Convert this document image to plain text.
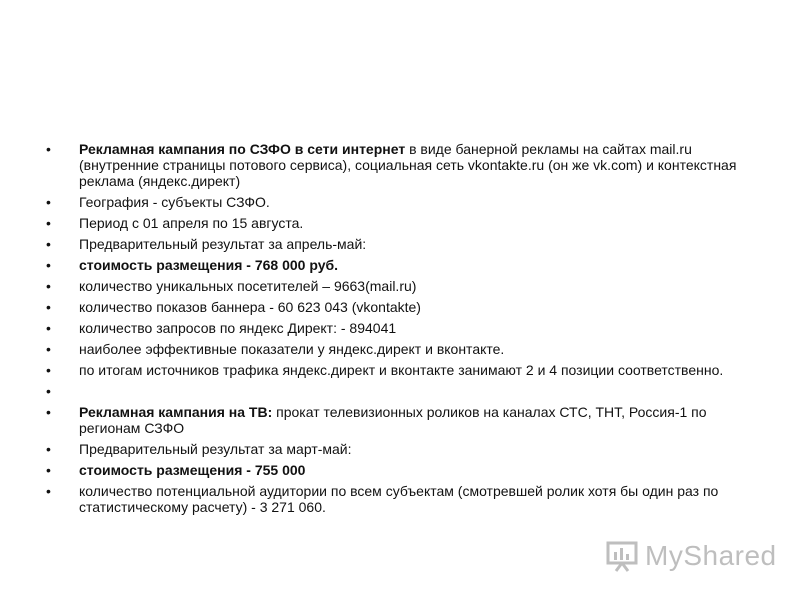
• Рекламная кампания по СЗФО в сети интернет в виде банерной рекламы на сайтах mail.ru (внутренние страницы потового сервиса), социальная сеть vkontakte.ru (он же vk.com) и контекстная реклама (яндекс.директ)
• География - субъекты СЗФО.
• Период с 01 апреля по 15 августа.
• Предварительный результат за апрель-май:
• стоимость размещения - 768 000 руб.
• количество уникальных посетителей – 9663(mail.ru)
• количество показов баннера - 60 623 043 (vkontakte)
• количество запросов по яндекс Директ: - 894041
• наиболее эффективные показатели у яндекс.директ и вконтакте.
• по итогам источников трафика яндекс.директ и вконтакте занимают 2 и 4 позиции соответственно.
•
• Рекламная кампания на ТВ: прокат телевизионных роликов на каналах СТС, ТНТ, Россия-1 по регионам СЗФО
• Предварительный результат за март-май:
• стоимость размещения - 755 000
• количество потенциальной аудитории по всем субъектам (смотревшей ролик хотя бы один раз по статистическому расчету) - 3 271 060.
MyShared
